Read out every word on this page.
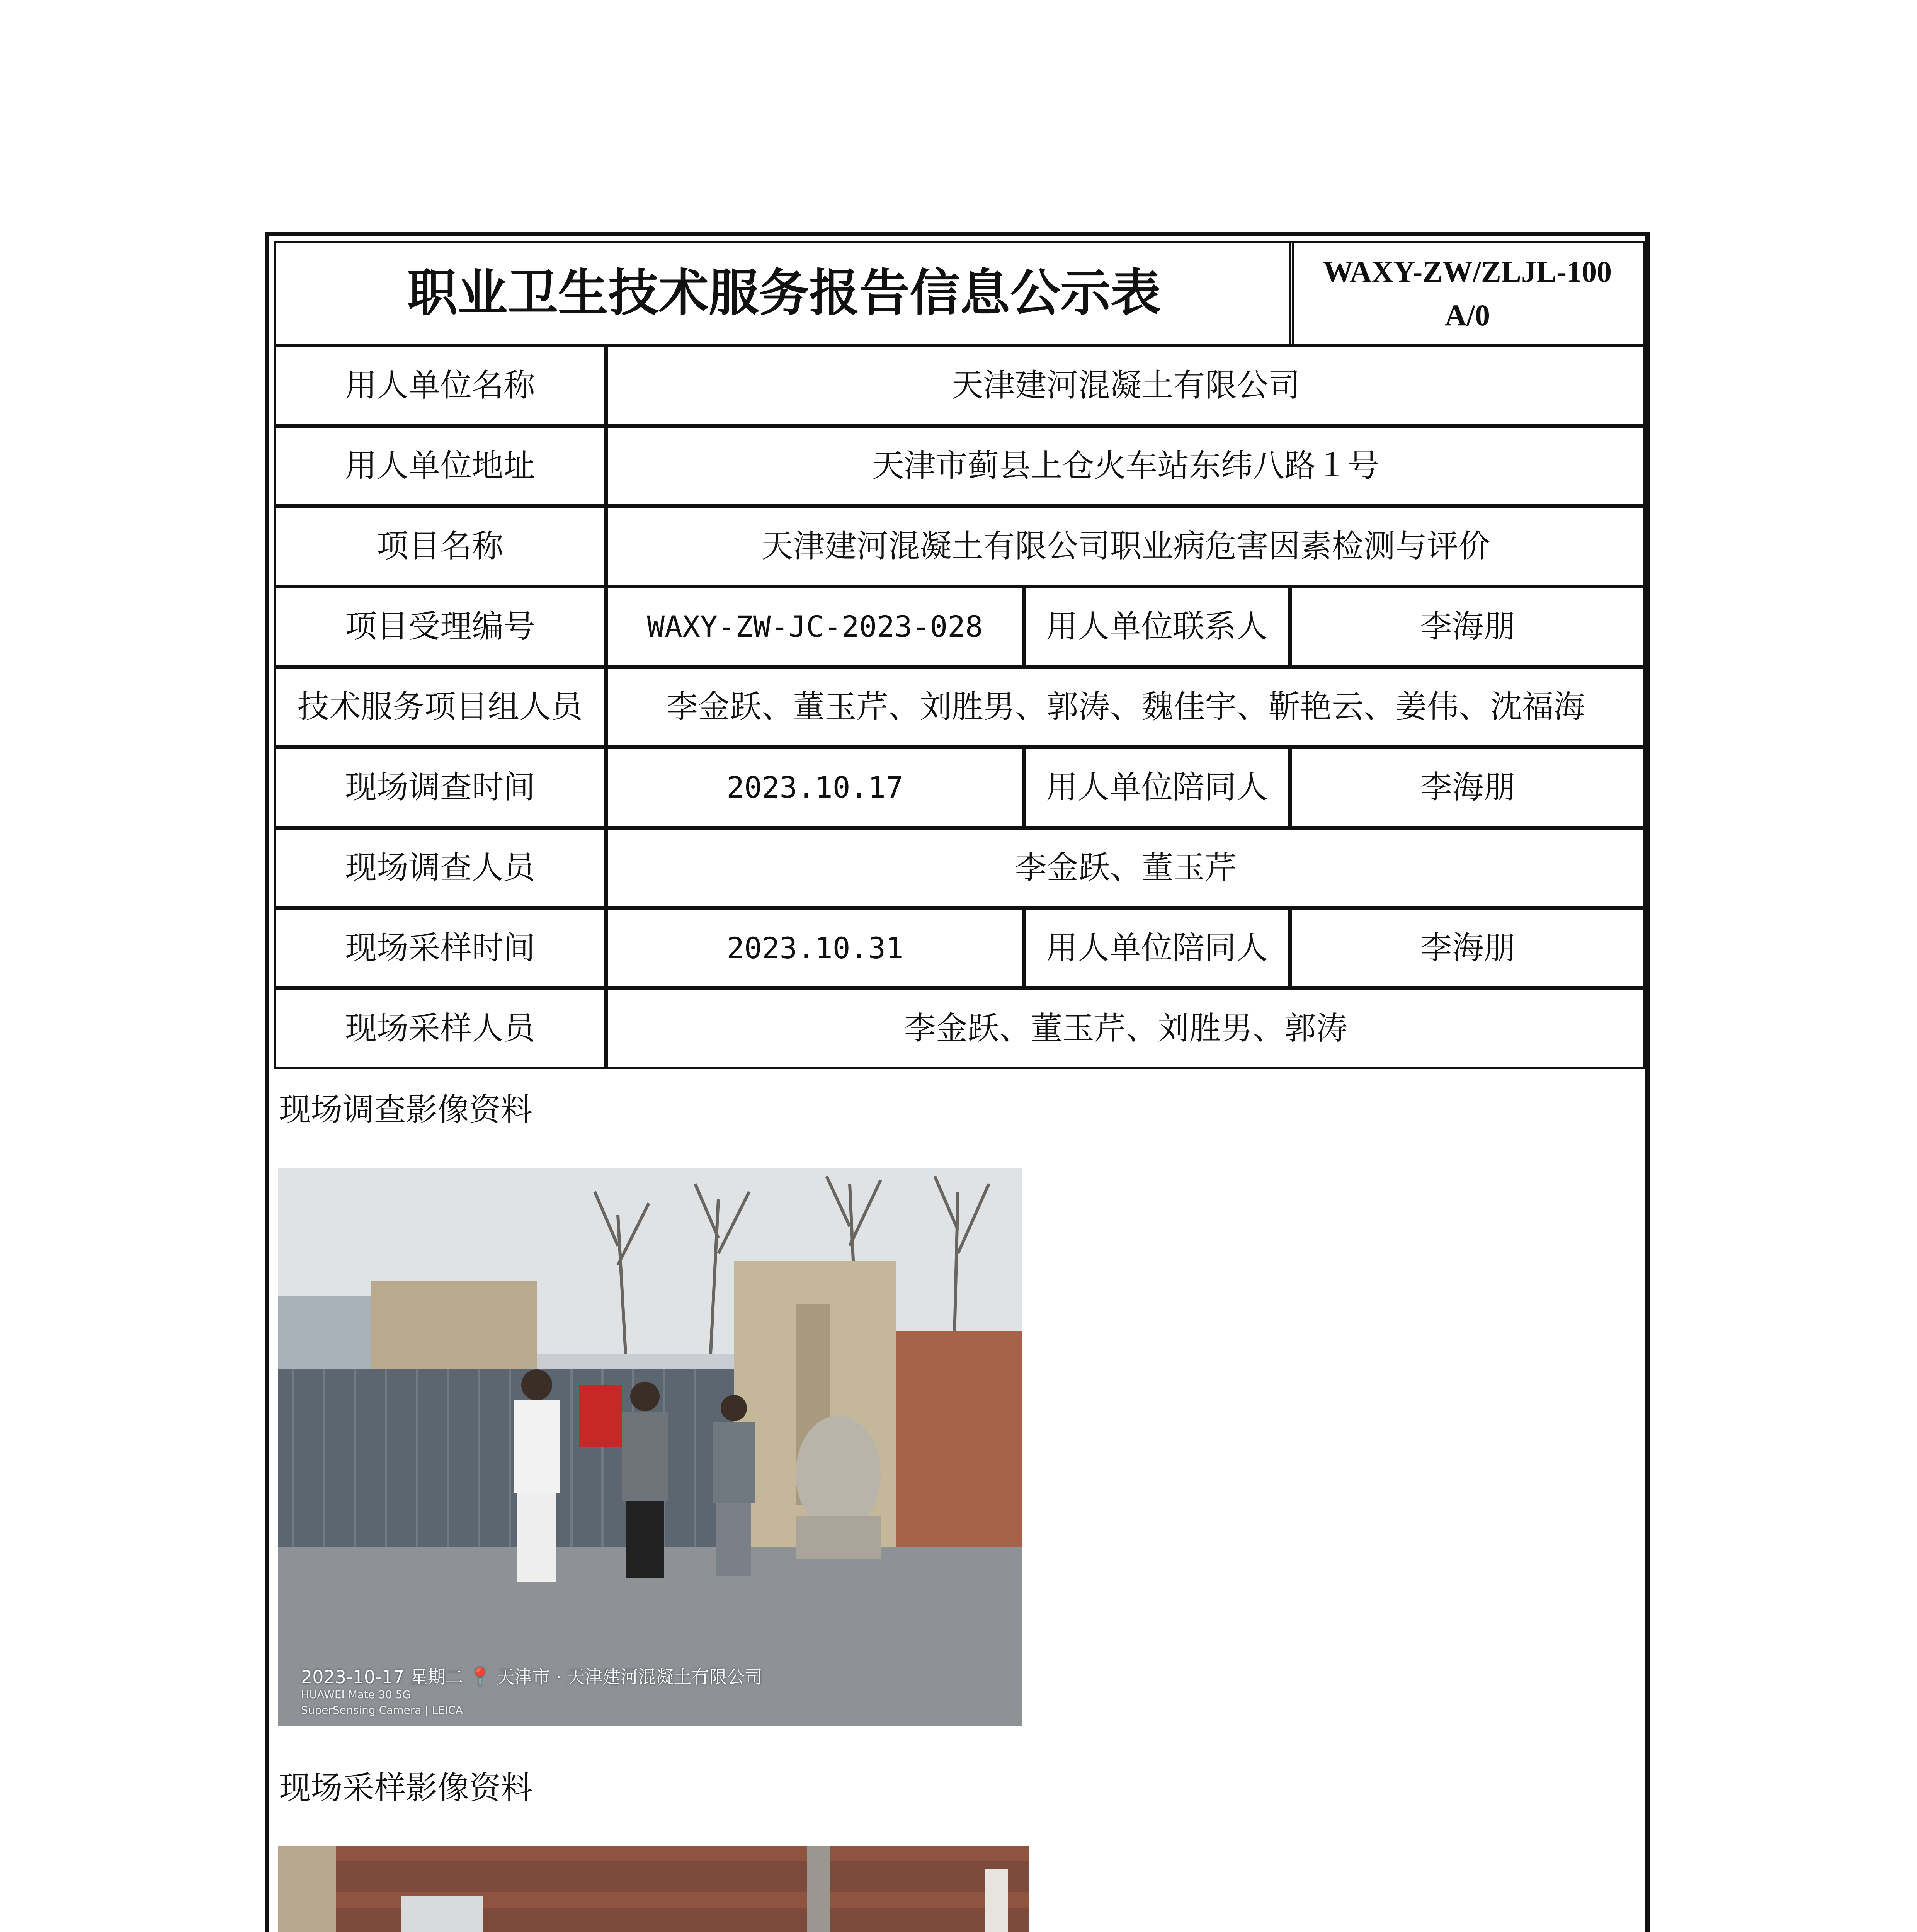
职业卫生技术服务报告信息公示表	WAXY-ZW/ZLJL-100
A/0
用人单位名称	天津建河混凝土有限公司
用人单位地址	天津市蓟县上仓火车站东纬八路１号
项目名称	天津建河混凝土有限公司职业病危害因素检测与评价
项目受理编号	WAXY-ZW-JC-2023-028	用人单位联系人	李海朋
技术服务项目组人员	李金跃、董玉芹、刘胜男、郭涛、魏佳宇、靳艳云、姜伟、沈福海
现场调查时间	2023.10.17	用人单位陪同人	李海朋
现场调查人员	李金跃、董玉芹
现场采样时间	2023.10.31	用人单位陪同人	李海朋
现场采样人员	李金跃、董玉芹、刘胜男、郭涛
现场调查影像资料
2023-10-17 星期二 📍 天津市 · 天津建河混凝土有限公司
HUAWEI Mate 30 5G
SuperSensing Camera | LEICA
现场采样影像资料
